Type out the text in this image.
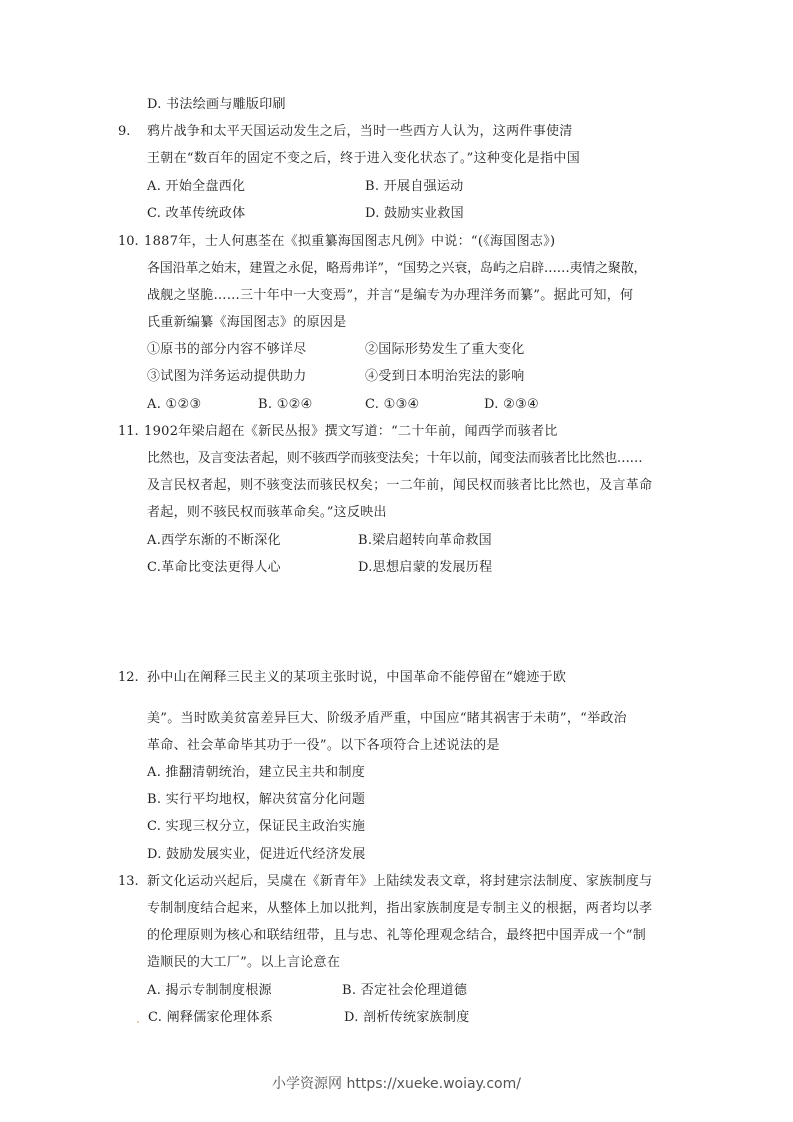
D. 书法绘画与雕版印刷
9. 鸦片战争和太平天国运动发生之后，当时一些西方人认为，这两件事使清
王朝在“数百年的固定不变之后，终于进入变化状态了。”这种变化是指中国
A. 开始全盘西化	B. 开展自强运动
C. 改革传统政体	D. 鼓励实业救国
10. 1887年，士人何惠荃在《拟重纂海国图志凡例》中说：“(《海国图志》)
各国沿革之始末，建置之永促，略焉弗详”，“国势之兴衰，岛屿之启辟……夷情之聚散，
战舰之坚脆……三十年中一大变焉”，并言“是编专为办理洋务而纂”。据此可知，何
氏重新编纂《海国图志》的原因是
①原书的部分内容不够详尽	②国际形势发生了重大变化
③试图为洋务运动提供助力	④受到日本明治宪法的影响
A. ①②③	B. ①②④	C. ①③④	D. ②③④
11. 1902年梁启超在《新民丛报》撰文写道：“二十年前，闻西学而骇者比
比然也，及言变法者起，则不骇西学而骇变法矣；十年以前，闻变法而骇者比比然也……
及言民权者起，则不骇变法而骇民权矣；一二年前，闻民权而骇者比比然也，及言革命
者起，则不骇民权而骇革命矣。”这反映出
A.西学东渐的不断深化	B.梁启超转向革命救国
C.革命比变法更得人心	D.思想启蒙的发展历程
12. 孙中山在阐释三民主义的某项主张时说，中国革命不能停留在“媲迹于欧
美”。当时欧美贫富差异巨大、阶级矛盾严重，中国应“睹其祸害于未萌”，“举政治
革命、社会革命毕其功于一役”。以下各项符合上述说法的是
A. 推翻清朝统治，建立民主共和制度
B. 实行平均地权，解决贫富分化问题
C. 实现三权分立，保证民主政治实施
D. 鼓励发展实业，促进近代经济发展
13. 新文化运动兴起后，吴虞在《新青年》上陆续发表文章，将封建宗法制度、家族制度与
专制制度结合起来，从整体上加以批判，指出家族制度是专制主义的根据，两者均以孝
的伦理原则为核心和联结纽带，且与忠、礼等伦理观念结合，最终把中国弄成一个“制
造顺民的大工厂”。以上言论意在
A. 揭示专制制度根源	B. 否定社会伦理道德
C. 阐释儒家伦理体系	D. 剖析传统家族制度
小学资源网 https://xueke.woiay.com/
